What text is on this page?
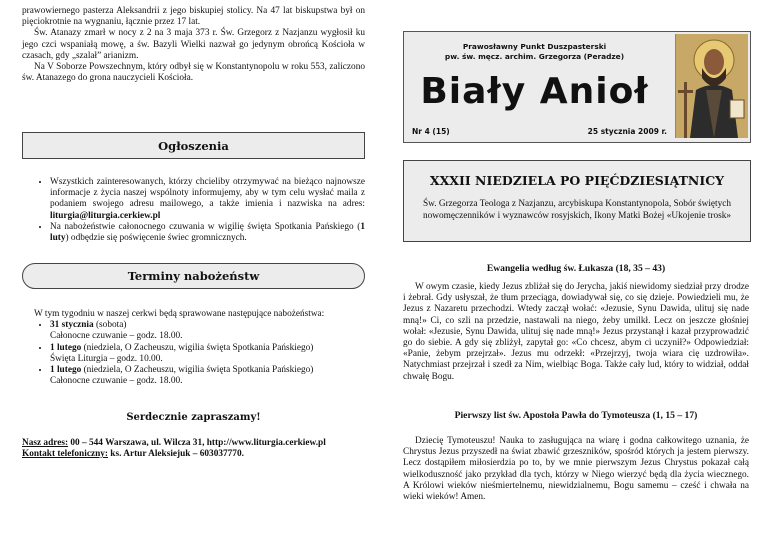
prawowiernego pasterza Aleksandrii z jego biskupiej stolicy. Na 47 lat biskupstwa był on pięciokrotnie na wygnaniu, łącznie przez 17 lat.

Św. Atanazy zmarł w nocy z 2 na 3 maja 373 r. Św. Grzegorz z Nazjanzu wygłosił ku jego czci wspaniałą mowę, a św. Bazyli Wielki nazwał go jedynym obrońcą Kościoła w czasach, gdy „szalał” arianizm.

Na V Soborze Powszechnym, który odbył się w Konstantynopolu w roku 553, zaliczono św. Atanazego do grona nauczycieli Kościoła.

Ogłoszenia
• Wszystkich zainteresowanych, którzy chcieliby otrzymywać na bieżąco najnowsze informacje z życia naszej wspólnoty informujemy, aby w tym celu wysłać maila z podaniem swojego adresu mailowego, a także imienia i nazwiska na adres: liturgia@liturgia.cerkiew.pl
• Na nabożeństwie całonocnego czuwania w wigilię święta Spotkania Pańskiego (1 luty) odbędzie się poświęcenie świec gromnicznych.
Terminy nabożeństw

W tym tygodniu w naszej cerkwi będą sprawowane następujące nabożeństwa:

• 31 stycznia (sobota)
Całonocne czuwanie – godz. 18.00.
• 1 lutego (niedziela, O Zacheuszu, wigilia święta Spotkania Pańskiego)
Święta Liturgia – godz. 10.00.
• 1 lutego (niedziela, O Zacheuszu, wigilia święta Spotkania Pańskiego)
Całonocne czuwanie – godz. 18.00.
Serdecznie zapraszamy!

Nasz adres: 00 – 544 Warszawa, ul. Wilcza 31, http://www.liturgia.cerkiew.pl

Kontakt telefoniczny: ks. Artur Aleksiejuk – 603037770.

Prawosławny Punkt Duszpasterski
pw. św. męcz. archim. Grzegorza (Peradze)
Biały Anioł
Nr 4 (15)	25 stycznia 2009 r.
XXXII NIEDZIELA PO PIĘĆDZIESIĄTNICY
Św. Grzegorza Teologa z Nazjanzu, arcybiskupa Konstantynopola, Sobór świętych nowomęczenników i wyznawców rosyjskich, Ikony Matki Bożej «Ukojenie trosk»
Ewangelia według św. Łukasza (18, 35 – 43)

W owym czasie, kiedy Jezus zbliżał się do Jerycha, jakiś niewidomy siedział przy drodze i żebrał. Gdy usłyszał, że tłum przeciąga, dowiadywał się, co się dzieje. Powiedzieli mu, że Jezus z Nazaretu przechodzi. Wtedy zaczął wołać: «Jezusie, Synu Dawida, ulituj się nade mną!» Ci, co szli na przedzie, nastawali na niego, żeby umilkł. Lecz on jeszcze głośniej wołał: «Jezusie, Synu Dawida, ulituj się nade mną!» Jezus przystanął i kazał przyprowadzić go do siebie. A gdy się zbliżył, zapytał go: «Co chcesz, abym ci uczynił?» Odpowiedział: «Panie, żebym przejrzał». Jezus mu odrzekł: «Przejrzyj, twoja wiara cię uzdrowiła». Natychmiast przejrzał i szedł za Nim, wielbiąc Boga. Także cały lud, który to widział, oddał chwałę Bogu.

Pierwszy list św. Apostoła Pawła do Tymoteusza (1, 15 – 17)

Dziecię Tymoteuszu! Nauka to zasługująca na wiarę i godna całkowitego uznania, że Chrystus Jezus przyszedł na świat zbawić grzeszników, spośród których ja jestem pierwszy. Lecz dostąpiłem miłosierdzia po to, by we mnie pierwszym Jezus Chrystus pokazał całą wielkoduszność jako przykład dla tych, którzy w Niego wierzyć będą dla życia wiecznego. A Królowi wieków nieśmiertelnemu, niewidzialnemu, Bogu samemu – cześć i chwała na wieki wieków! Amen.
